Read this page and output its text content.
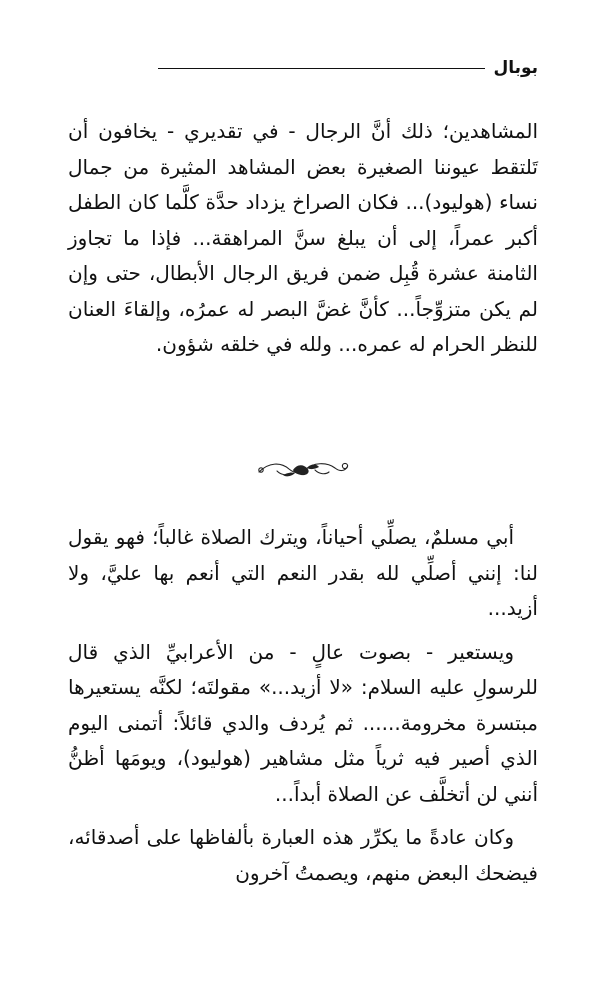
بوبال

المشاهدين؛ ذلك أنَّ الرجال - في تقديري - يخافون أن تَلتقط عيوننا الصغيرة بعض المشاهد المثيرة من جمال نساء (هوليود)... فكان الصراخ يزداد حدَّة كلَّما كان الطفل أكبر عمراً، إلى أن يبلغ سنَّ المراهقة... فإذا ما تجاوز الثامنة عشرة قُبِل ضمن فريق الرجال الأبطال، حتى وإن لم يكن متزوِّجاً... كأنَّ غضَّ البصر له عمرُه، وإلقاءَ العنان للنظر الحرام له عمره... ولله في خلقه شؤون.

أبي مسلمٌ، يصلِّي أحياناً، ويترك الصلاة غالباً؛ فهو يقول لنا: إنني أصلِّي لله بقدر النعم التي أنعم بها عليَّ، ولا أزيد...

ويستعير - بصوت عالٍ - من الأعرابيِّ الذي قال للرسولِ عليه السلام: «لا أزيد...» مقولتَه؛ لكنَّه يستعيرها مبتسرة مخرومة...... ثم يُردف والدي قائلاً: أتمنى اليوم الذي أصير فيه ثرياً مثل مشاهير (هوليود)، ويومَها أظنُّ أنني لن أتخلَّف عن الصلاة أبداً...

وكان عادةً ما يكرِّر هذه العبارة بألفاظها على أصدقائه، فيضحك البعض منهم، ويصمتُ آخرون
